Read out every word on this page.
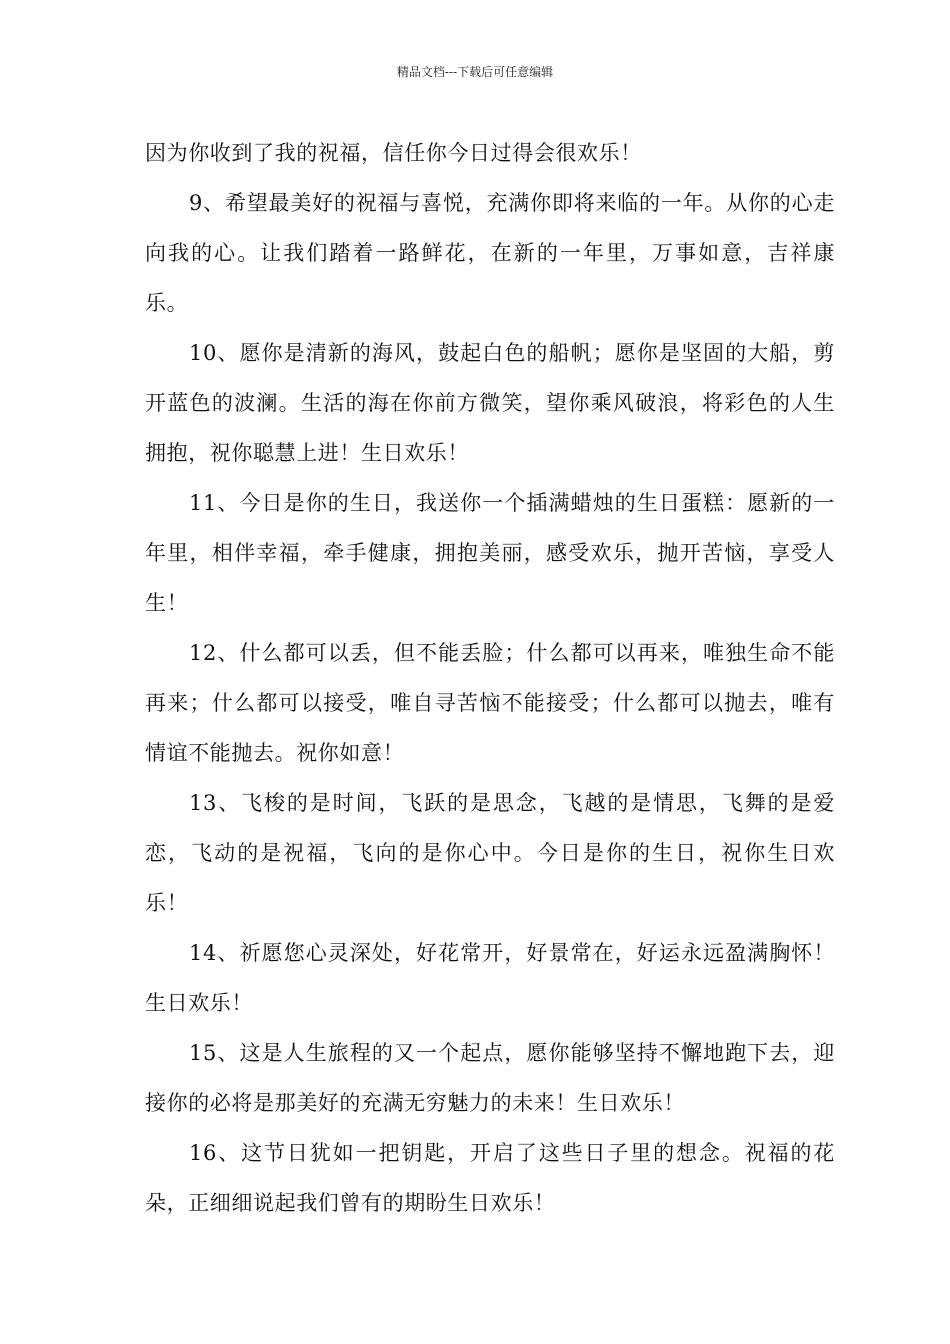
精品文档---下载后可任意编辑

因为你收到了我的祝福，信任你今日过得会很欢乐！

9、希望最美好的祝福与喜悦，充满你即将来临的一年。从你的心走向我的心。让我们踏着一路鲜花，在新的一年里，万事如意，吉祥康乐。

10、愿你是清新的海风，鼓起白色的船帆；愿你是坚固的大船，剪开蓝色的波澜。生活的海在你前方微笑，望你乘风破浪，将彩色的人生拥抱，祝你聪慧上进！生日欢乐！

11、今日是你的生日，我送你一个插满蜡烛的生日蛋糕：愿新的一年里，相伴幸福，牵手健康，拥抱美丽，感受欢乐，抛开苦恼，享受人生！

12、什么都可以丢，但不能丢脸；什么都可以再来，唯独生命不能再来；什么都可以接受，唯自寻苦恼不能接受；什么都可以抛去，唯有情谊不能抛去。祝你如意！

13、飞梭的是时间，飞跃的是思念，飞越的是情思，飞舞的是爱恋，飞动的是祝福，飞向的是你心中。今日是你的生日，祝你生日欢乐！

14、祈愿您心灵深处，好花常开，好景常在，好运永远盈满胸怀！生日欢乐！

15、这是人生旅程的又一个起点，愿你能够坚持不懈地跑下去，迎接你的必将是那美好的充满无穷魅力的未来！生日欢乐！

16、这节日犹如一把钥匙，开启了这些日子里的想念。祝福的花朵，正细细说起我们曾有的期盼生日欢乐！
